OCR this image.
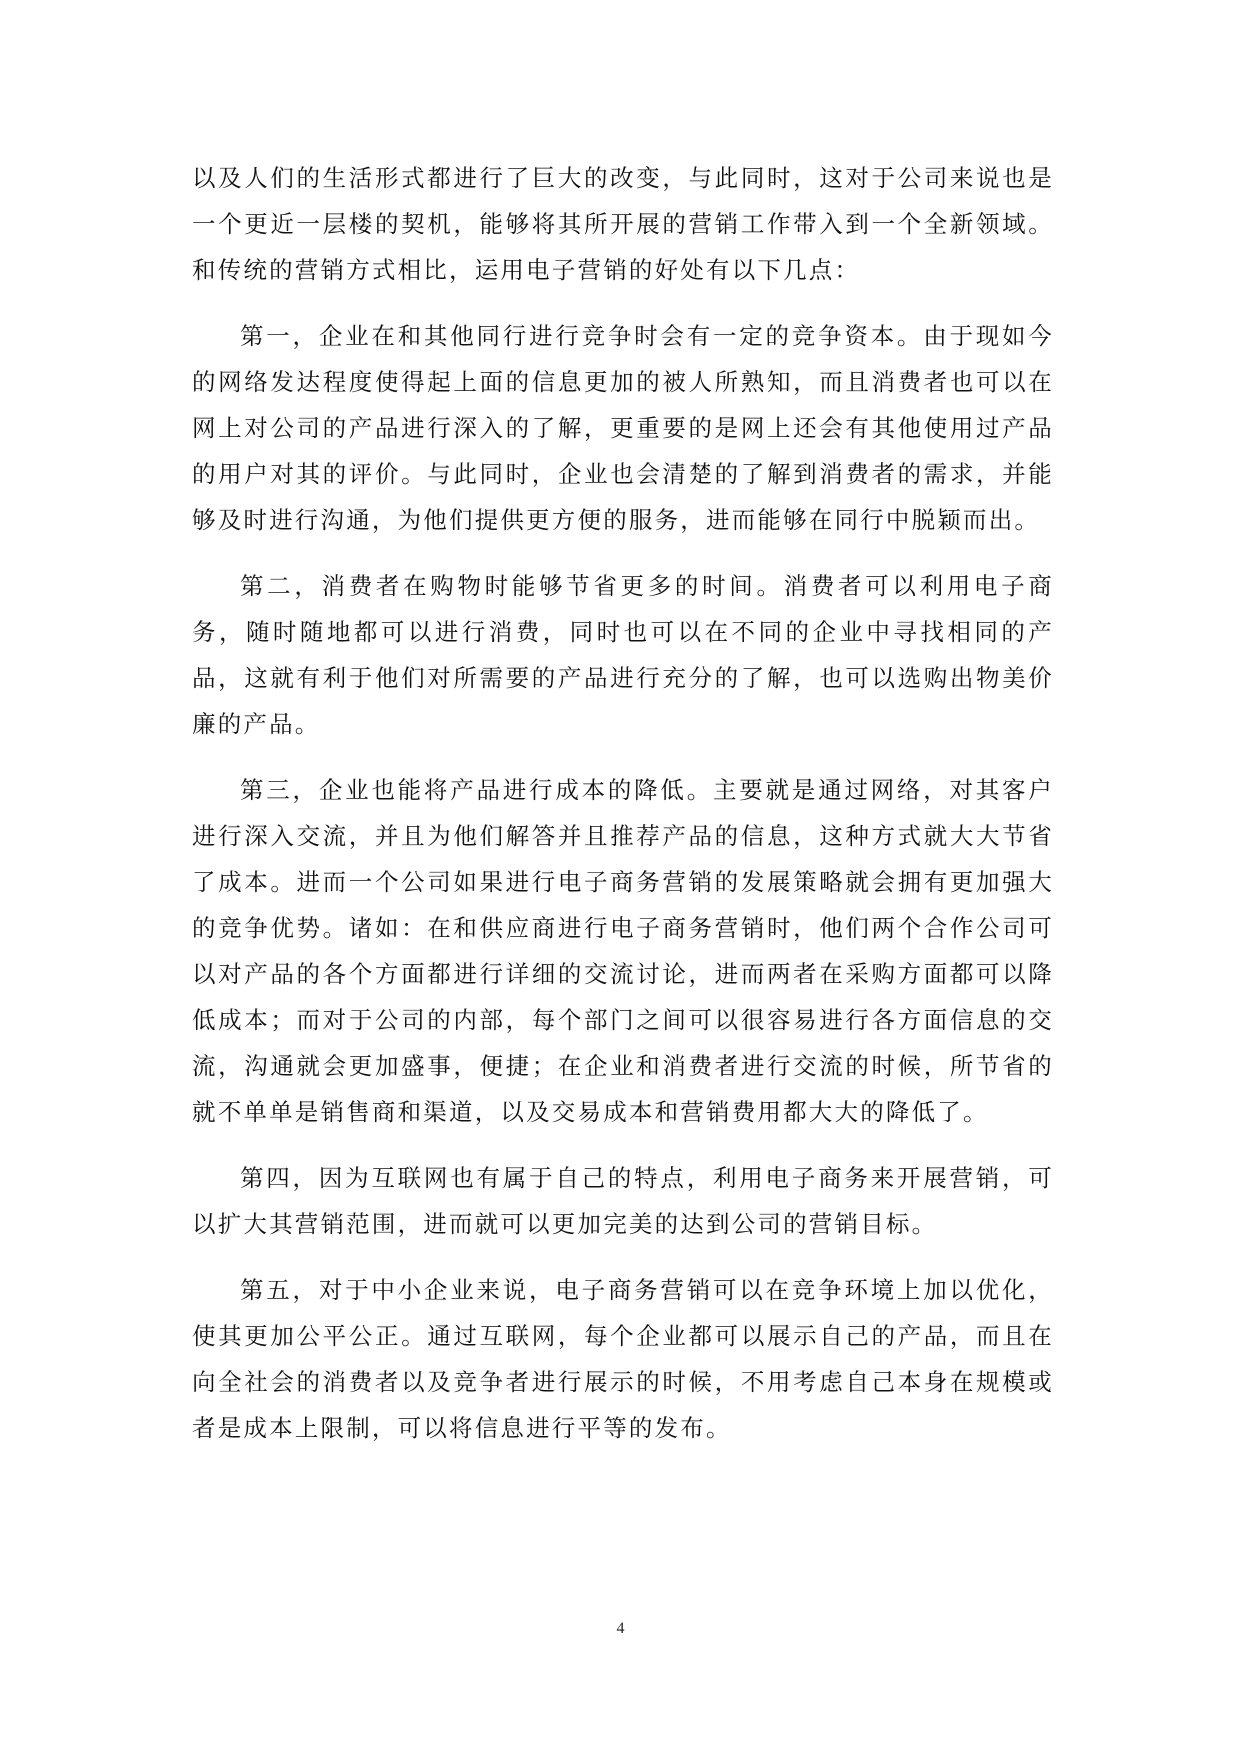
以及人们的生活形式都进行了巨大的改变，与此同时，这对于公司来说也是一个更近一层楼的契机，能够将其所开展的营销工作带入到一个全新领域。和传统的营销方式相比，运用电子营销的好处有以下几点：

第一，企业在和其他同行进行竞争时会有一定的竞争资本。由于现如今的网络发达程度使得起上面的信息更加的被人所熟知，而且消费者也可以在网上对公司的产品进行深入的了解，更重要的是网上还会有其他使用过产品的用户对其的评价。与此同时，企业也会清楚的了解到消费者的需求，并能够及时进行沟通，为他们提供更方便的服务，进而能够在同行中脱颖而出。

第二，消费者在购物时能够节省更多的时间。消费者可以利用电子商务，随时随地都可以进行消费，同时也可以在不同的企业中寻找相同的产品，这就有利于他们对所需要的产品进行充分的了解，也可以选购出物美价廉的产品。

第三，企业也能将产品进行成本的降低。主要就是通过网络，对其客户进行深入交流，并且为他们解答并且推荐产品的信息，这种方式就大大节省了成本。进而一个公司如果进行电子商务营销的发展策略就会拥有更加强大的竞争优势。诸如：在和供应商进行电子商务营销时，他们两个合作公司可以对产品的各个方面都进行详细的交流讨论，进而两者在采购方面都可以降低成本；而对于公司的内部，每个部门之间可以很容易进行各方面信息的交流，沟通就会更加盛事，便捷；在企业和消费者进行交流的时候，所节省的就不单单是销售商和渠道，以及交易成本和营销费用都大大的降低了。

第四，因为互联网也有属于自己的特点，利用电子商务来开展营销，可以扩大其营销范围，进而就可以更加完美的达到公司的营销目标。

第五，对于中小企业来说，电子商务营销可以在竞争环境上加以优化，使其更加公平公正。通过互联网，每个企业都可以展示自己的产品，而且在向全社会的消费者以及竞争者进行展示的时候，不用考虑自己本身在规模或者是成本上限制，可以将信息进行平等的发布。

4
